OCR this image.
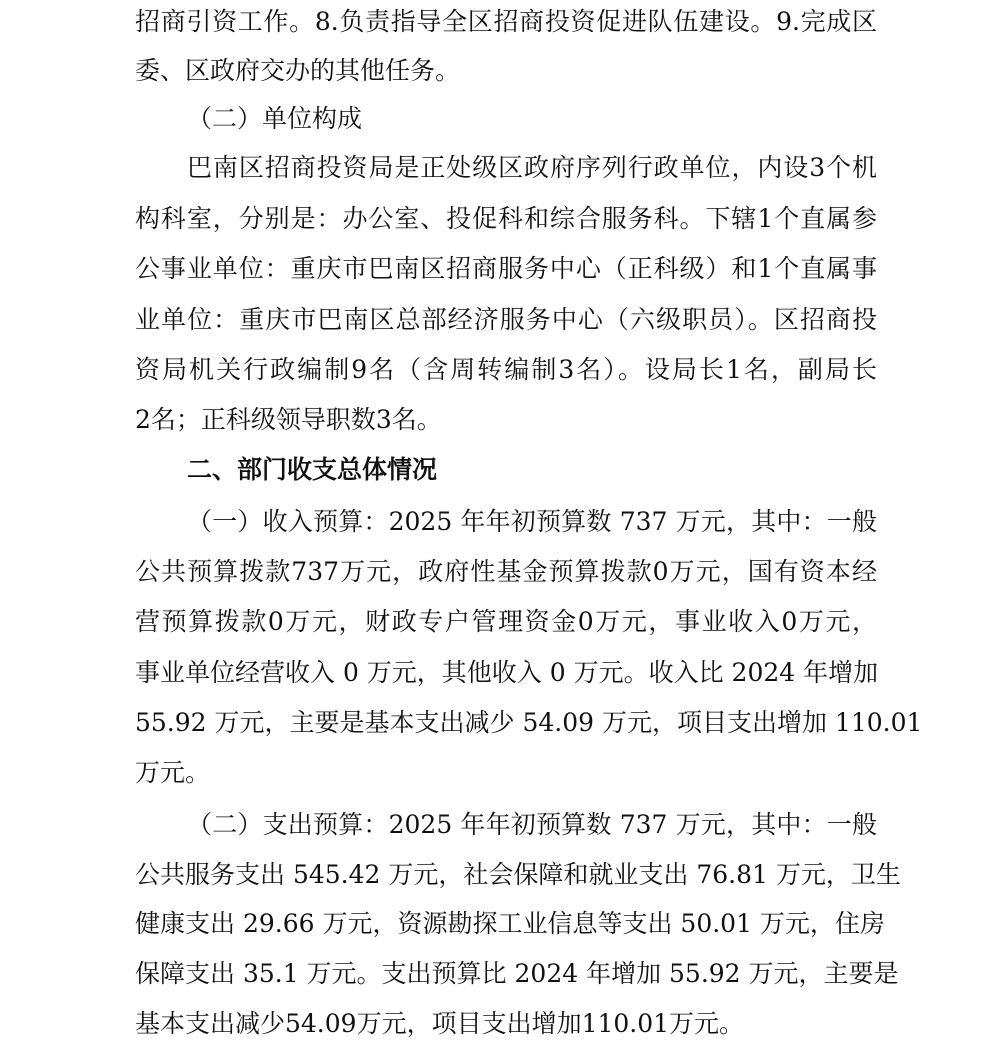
招商引资工作。8.负责指导全区招商投资促进队伍建设。9.完成区
委、区政府交办的其他任务。
（二）单位构成
巴南区招商投资局是正处级区政府序列行政单位，内设3个机
构科室，分别是：办公室、投促科和综合服务科。下辖1个直属参
公事业单位：重庆市巴南区招商服务中心（正科级）和1个直属事
业单位：重庆市巴南区总部经济服务中心（六级职员）。区招商投
资局机关行政编制9名（含周转编制3名）。设局长1名，副局长
2名；正科级领导职数3名。
二、部门收支总体情况
（一）收入预算：2025 年年初预算数 737 万元，其中：一般
公共预算拨款737万元，政府性基金预算拨款0万元，国有资本经
营预算拨款0万元，财政专户管理资金0万元，事业收入0万元，
事业单位经营收入 0 万元，其他收入 0 万元。收入比 2024 年增加
55.92 万元，主要是基本支出减少 54.09 万元，项目支出增加 110.01
万元。
（二）支出预算：2025 年年初预算数 737 万元，其中：一般
公共服务支出 545.42 万元，社会保障和就业支出 76.81 万元，卫生
健康支出 29.66 万元，资源勘探工业信息等支出 50.01 万元，住房
保障支出 35.1 万元。支出预算比 2024 年增加 55.92 万元，主要是
基本支出减少54.09万元，项目支出增加110.01万元。
